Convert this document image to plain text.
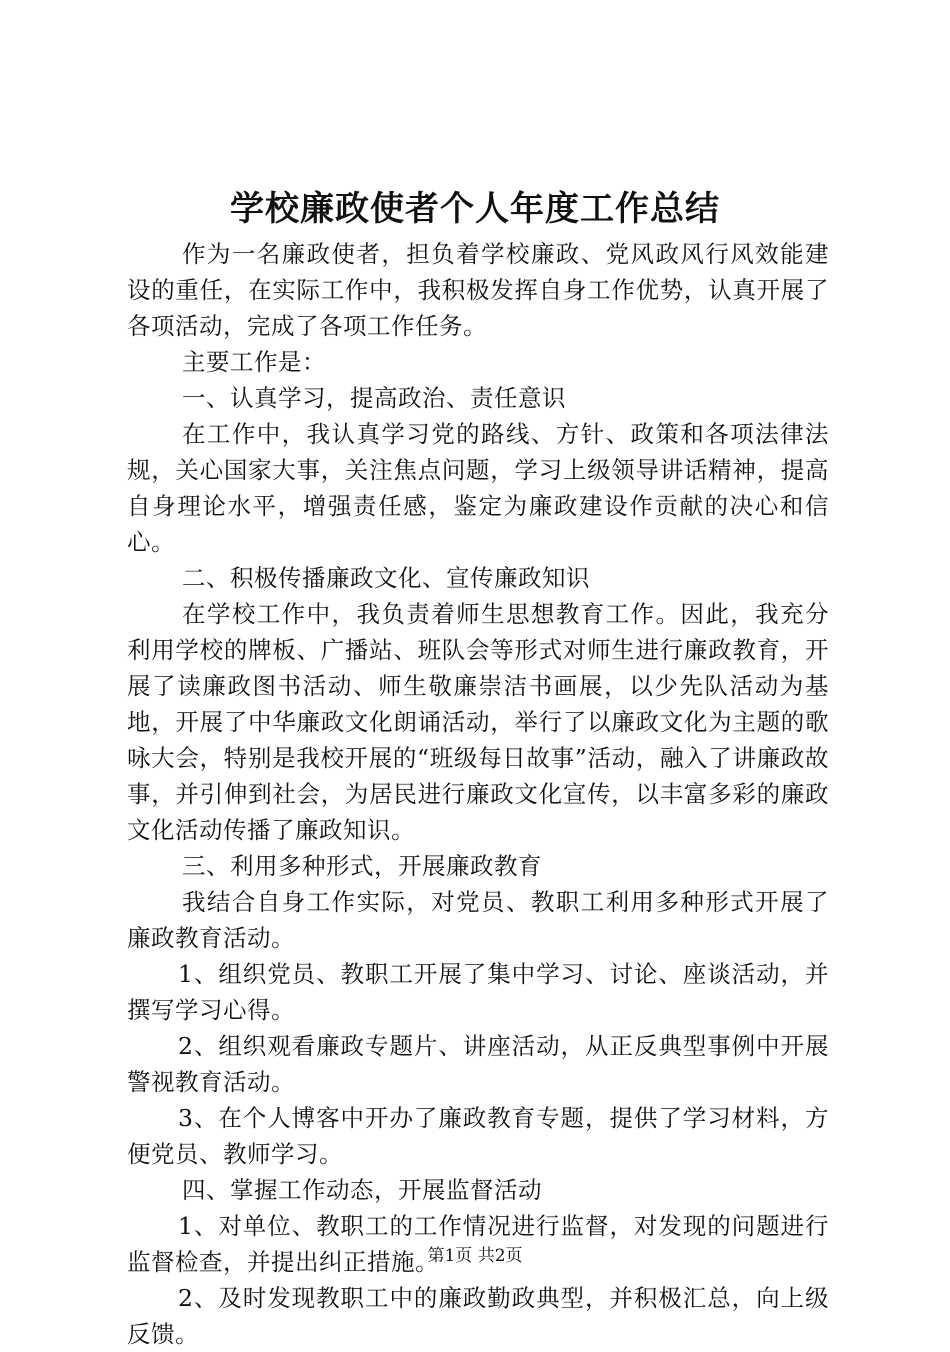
学校廉政使者个人年度工作总结

作为一名廉政使者，担负着学校廉政、党风政风行风效能建设的重任，在实际工作中，我积极发挥自身工作优势，认真开展了各项活动，完成了各项工作任务。

主要工作是：

一、认真学习，提高政治、责任意识

在工作中，我认真学习党的路线、方针、政策和各项法律法规，关心国家大事，关注焦点问题，学习上级领导讲话精神，提高自身理论水平，增强责任感，鉴定为廉政建设作贡献的决心和信心。

二、积极传播廉政文化、宣传廉政知识

在学校工作中，我负责着师生思想教育工作。因此，我充分利用学校的牌板、广播站、班队会等形式对师生进行廉政教育，开展了读廉政图书活动、师生敬廉崇洁书画展，以少先队活动为基地，开展了中华廉政文化朗诵活动，举行了以廉政文化为主题的歌咏大会，特别是我校开展的“班级每日故事”活动，融入了讲廉政故事，并引伸到社会，为居民进行廉政文化宣传，以丰富多彩的廉政文化活动传播了廉政知识。

三、利用多种形式，开展廉政教育

我结合自身工作实际，对党员、教职工利用多种形式开展了廉政教育活动。

1、组织党员、教职工开展了集中学习、讨论、座谈活动，并撰写学习心得。

2、组织观看廉政专题片、讲座活动，从正反典型事例中开展警视教育活动。

3、在个人博客中开办了廉政教育专题，提供了学习材料，方便党员、教师学习。

四、掌握工作动态，开展监督活动

1、对单位、教职工的工作情况进行监督，对发现的问题进行监督检查，并提出纠正措施。

2、及时发现教职工中的廉政勤政典型，并积极汇总，向上级反馈。

第1页 共2页
